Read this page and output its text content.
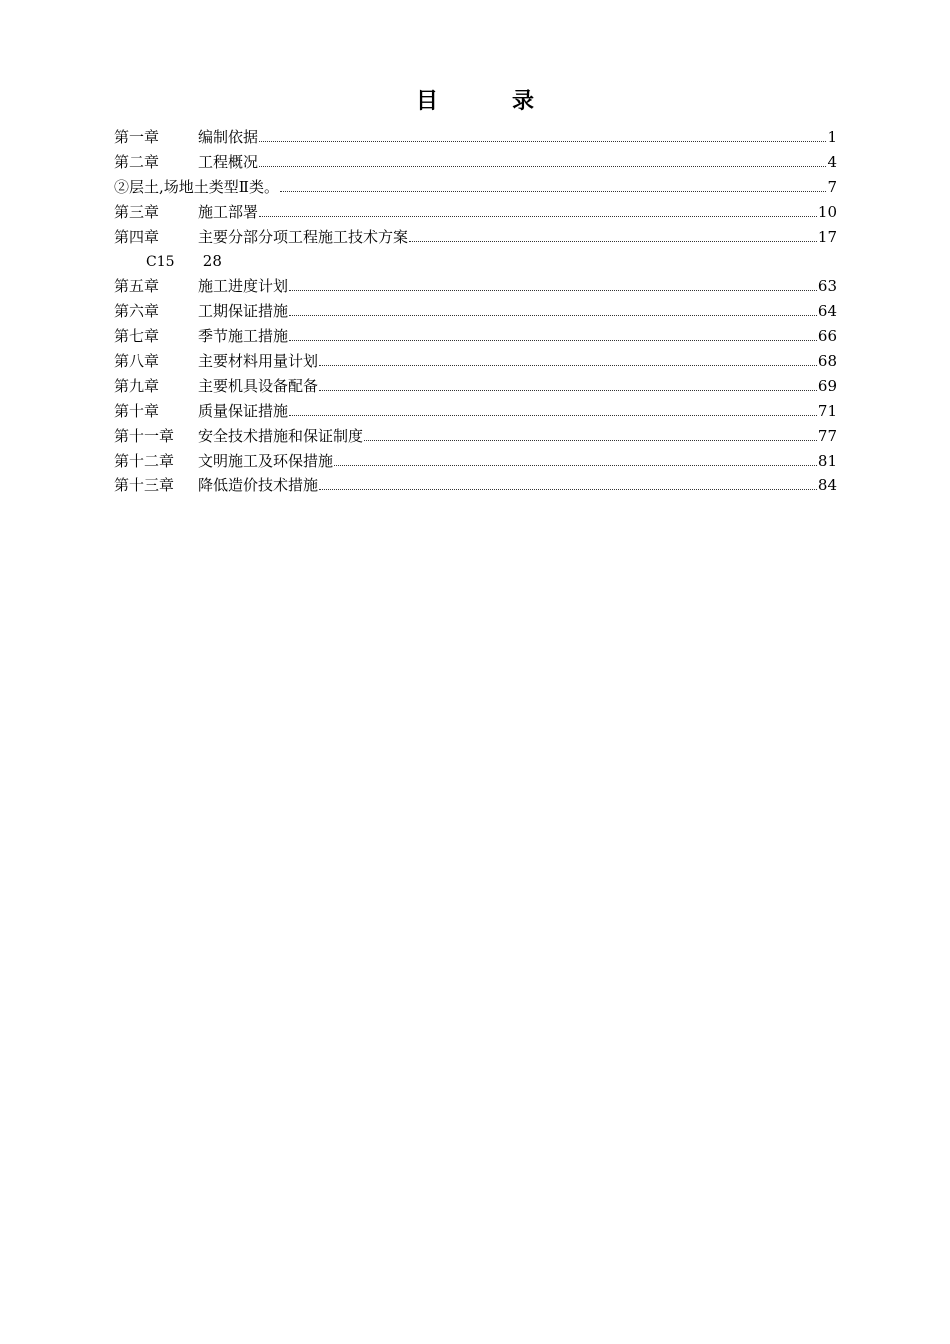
目　录
第一章	编制依据	1
第二章	工程概况	4
②层土,场地土类型Ⅱ类。	7
第三章	施工部署	10
第四章	主要分部分项工程施工技术方案	17
C15 28
第五章	施工进度计划	63
第六章	工期保证措施	64
第七章	季节施工措施	66
第八章	主要材料用量计划	68
第九章	主要机具设备配备	69
第十章	质量保证措施	71
第十一章	安全技术措施和保证制度	77
第十二章	文明施工及环保措施	81
第十三章	降低造价技术措施	84
